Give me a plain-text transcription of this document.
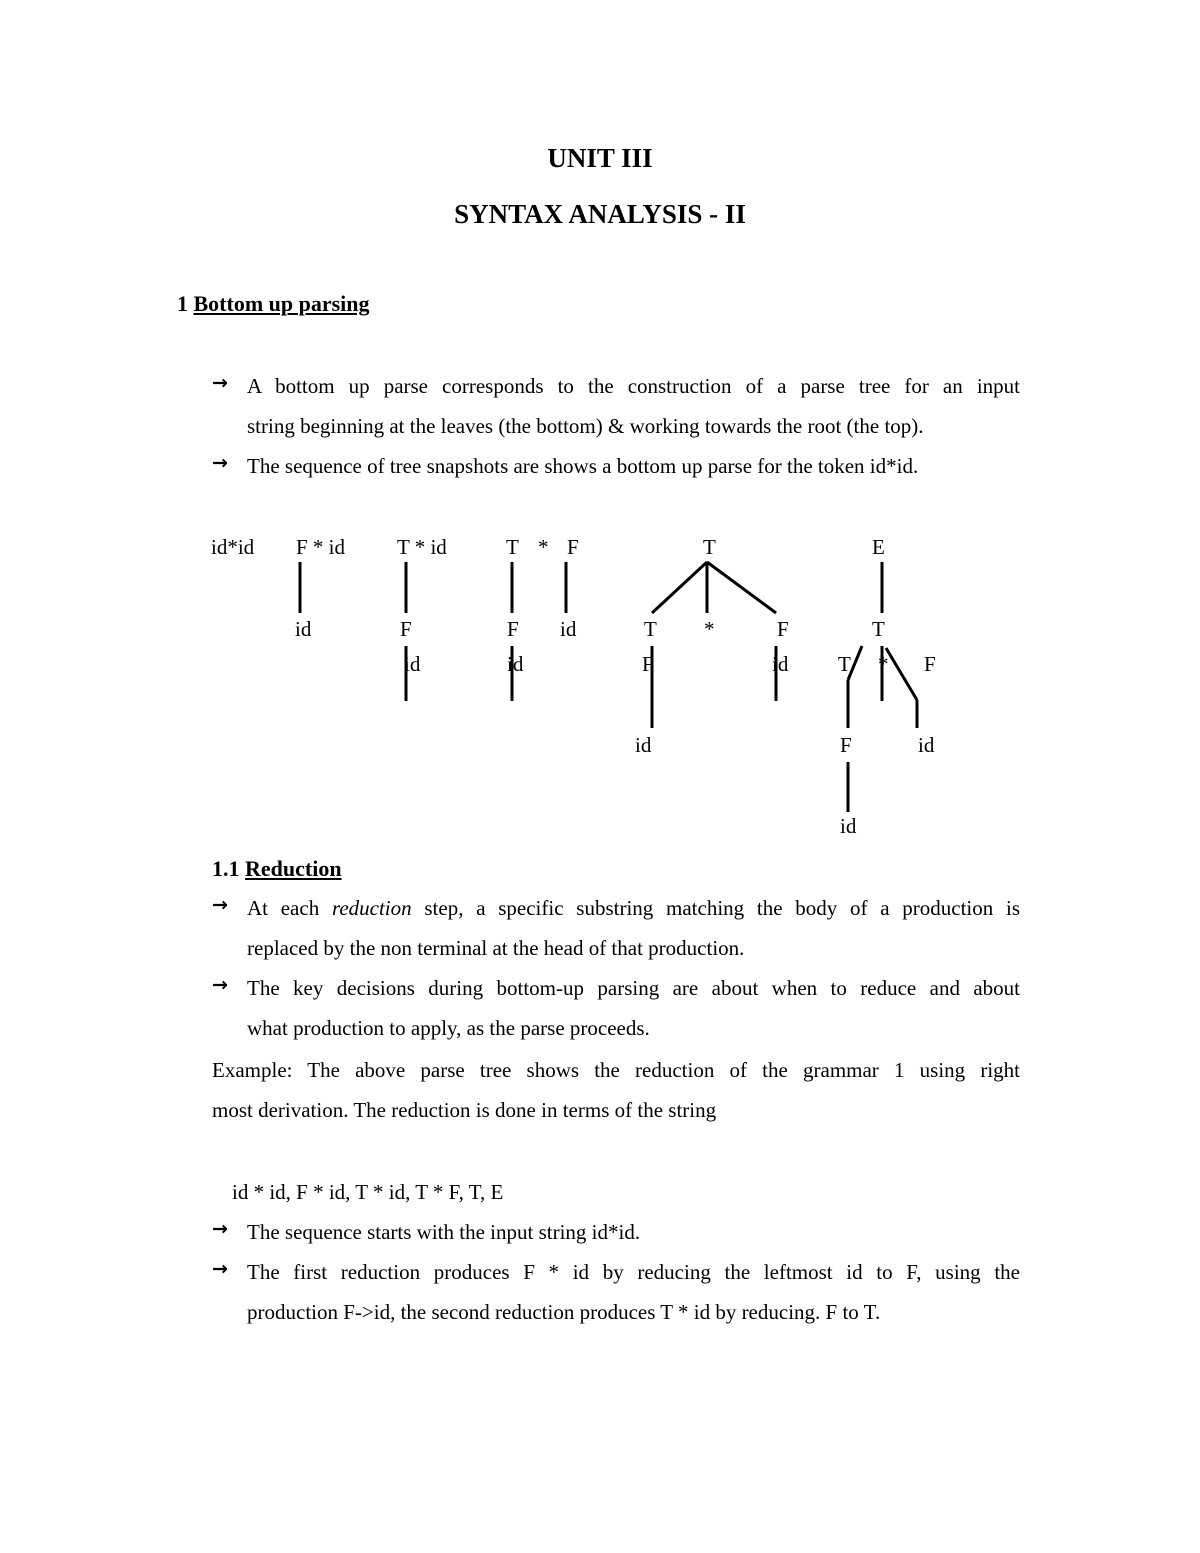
UNIT III
SYNTAX ANALYSIS - II
1 Bottom up parsing
→ A bottom up parse corresponds to the construction of a parse tree for an input
string beginning at the leaves (the bottom) & working towards the root (the top).
→ The sequence of tree snapshots are shows a bottom up parse for the token id*id.
id*id F * id
id
T * id
F
id
T * F
F id
id
T
T *	F
F	id
id
E
T
T * F
F	id
id
1.1 Reduction
→ At each reduction step, a specific substring matching the body of a production is
replaced by the non terminal at the head of that production.
→ The key decisions during bottom-up parsing are about when to reduce and about
what production to apply, as the parse proceeds.
Example: The above parse tree shows the reduction of the grammar 1 using right
most derivation. The reduction is done in terms of the string
id * id, F * id, T * id, T * F, T, E
→ The sequence starts with the input string id*id.
→ The first reduction produces F * id by reducing the leftmost id to F, using the
production F->id, the second reduction produces T * id by reducing. F to T.
